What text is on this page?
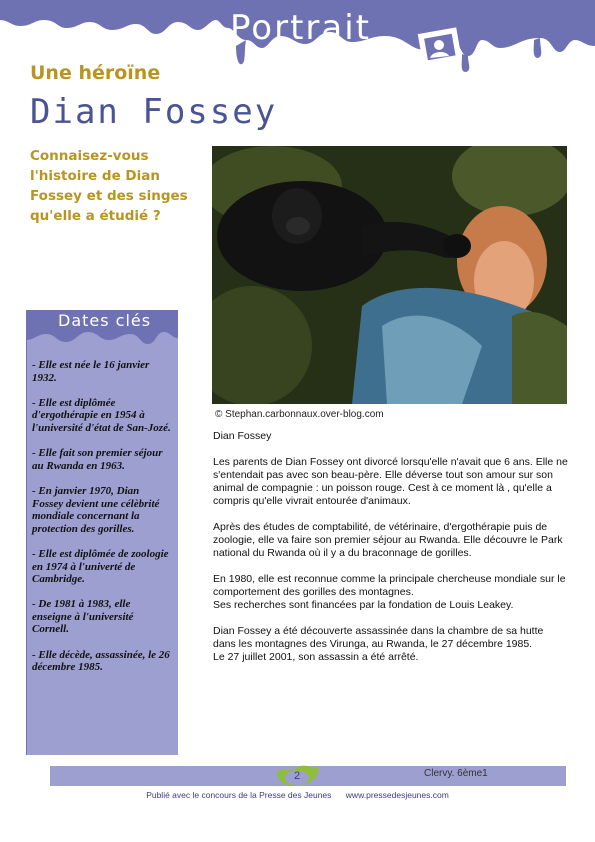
Portrait
Une héroïne
Dian Fossey
Connaisez-vous l'histoire de Dian Fossey et des singes qu'elle a étudié ?
© Stephan.carbonnaux.over-blog.com

Dian Fossey

Les parents de Dian Fossey ont divorcé lorsqu'elle n'avait que 6 ans. Elle ne s'entendait pas avec son beau-père. Elle déverse tout son amour sur son animal de compagnie : un poisson rouge. Cest à ce moment là , qu'elle a compris qu'elle vivrait entourée d'animaux.

Après des études de comptabilité, de vétérinaire, d'ergothérapie puis de zoologie, elle va faire son premier séjour au Rwanda. Elle découvre le Park national du Rwanda où il y a du braconnage de gorilles.

En 1980, elle est reconnue comme la principale chercheuse mondiale sur le comportement des gorilles des montagnes.
Ses recherches sont financées par la fondation de Louis Leakey.

Dian Fossey a été découverte assassinée dans la chambre de sa hutte dans les montagnes des Virunga, au Rwanda, le 27 décembre 1985.
Le 27 juillet 2001, son assassin a été arrêté.

Dates clés

- Elle est née le 16 janvier 1932.

- Elle est diplômée d'ergothérapie en 1954 à l'université d'état de San-Jozé.

- Elle fait son premier séjour au Rwanda en 1963.

- En janvier 1970, Dian Fossey devient une célèbrité mondiale concernant la protection des gorilles.

- Elle est diplômée de zoologie en 1974 à l'univerté de Cambridge.

- De 1981 à 1983, elle enseigne à l'université Cornell.

- Elle décède, assassinée, le 26 décembre 1985.

2	Clervy. 6ème1
Publié avec le concours de la Presse des Jeunes www.pressedesjeunes.com
